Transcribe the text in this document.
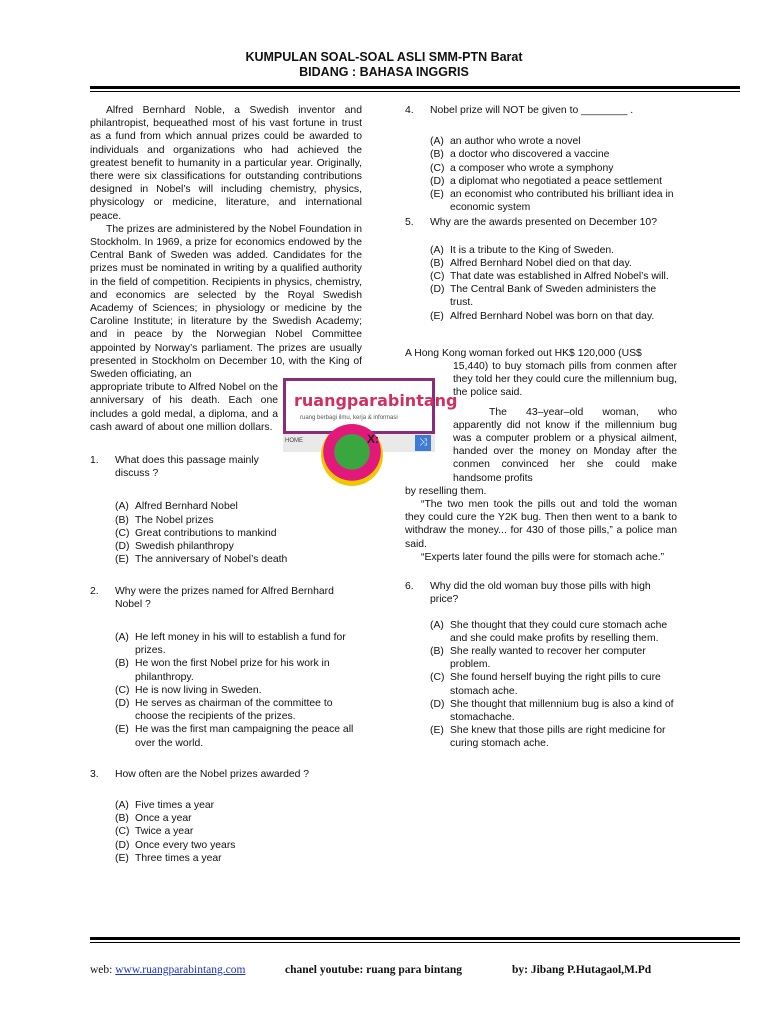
KUMPULAN SOAL-SOAL ASLI SMM-PTN Barat
BIDANG : BAHASA INGGRIS

Alfred Bernhard Noble, a Swedish inventor and philantropist, bequeathed most of his vast fortune in trust as a fund from which annual prizes could be awarded to individuals and organizations who had achieved the greatest benefit to humanity in a particular year. Originally, there were six classifications for outstanding contributions designed in Nobel’s will including chemistry, physics, physicology or medicine, literature, and international peace.

The prizes are administered by the Nobel Foundation in Stockholm. In 1969, a prize for economics endowed by the Central Bank of Sweden was added. Candidates for the prizes must be nominated in writing by a qualified authority in the field of competition. Recipients in physics, chemistry, and economics are selected by the Royal Swedish Academy of Sciences; in physiology or medicine by the Caroline Institute; in literature by the Swedish Academy; and in peace by the Norwegian Nobel Committee appointed by Norway’s parliament. The prizes are usually presented in Stockholm on December 10, with the King of Sweden officiating, an

appropriate tribute to Alfred Nobel on the anniversary of his death. Each one includes a gold medal, a diploma, and a cash award of about one million dollars.

1.	What does this passage mainly discuss ?
(A) Alfred Bernhard Nobel
(B) The Nobel prizes
(C) Great contributions to mankind
(D) Swedish philanthropy
(E) The anniversary of Nobel’s death
2.	Why were the prizes named for Alfred Bernhard Nobel ?
(A) He left money in his will to establish a fund for prizes.
(B) He won the first Nobel prize for his work in philanthropy.
(C) He is now living in Sweden.
(D) He serves as chairman of the committee to choose the recipients of the prizes.
(E) He was the first man campaigning the peace all over the world.
3.	How often are the Nobel prizes awarded ?
(A) Five times a year
(B) Once a year
(C) Twice a year
(D) Once every two years
(E) Three times a year
ruangparabintang
ruang berbagi ilmu, kerja & informasi
HOME	⤨
X:
4.	Nobel prize will NOT be given to ________ .
(A) an author who wrote a novel
(B) a doctor who discovered a vaccine
(C) a composer who wrote a symphony
(D) a diplomat who negotiated a peace settlement
(E) an economist who contributed his brilliant idea in economic system
5.	Why are the awards presented on December 10?
(A) It is a tribute to the King of Sweden.
(B) Alfred Bernhard Nobel died on that day.
(C) That date was established in Alfred Nobel’s will.
(D) The Central Bank of Sweden administers the trust.
(E) Alfred Bernhard Nobel was born on that day.

A Hong Kong woman forked out HK$ 120,000 (US$

15,440) to buy stomach pills from conmen after they told her they could cure the millennium bug, the police said.

The 43–year–old woman, who apparently did not know if the millennium bug was a computer problem or a physical ailment, handed over the money on Monday after the conmen convinced her she could make handsome profits

by reselling them.

“The two men took the pills out and told the woman they could cure the Y2K bug. Then then went to a bank to withdraw the money... for 430 of those pills,” a police man said.

“Experts later found the pills were for stomach ache.”

6.	Why did the old woman buy those pills with high price?
(A) She thought that they could cure stomach ache and she could make profits by reselling them.
(B) She really wanted to recover her computer problem.
(C) She found herself buying the right pills to cure stomach ache.
(D) She thought that millennium bug is also a kind of stomachache.
(E) She knew that those pills are right medicine for curing stomach ache.
web: www.ruangparabintang.com	chanel youtube: ruang para bintang	by: Jibang P.Hutagaol,M.Pd
